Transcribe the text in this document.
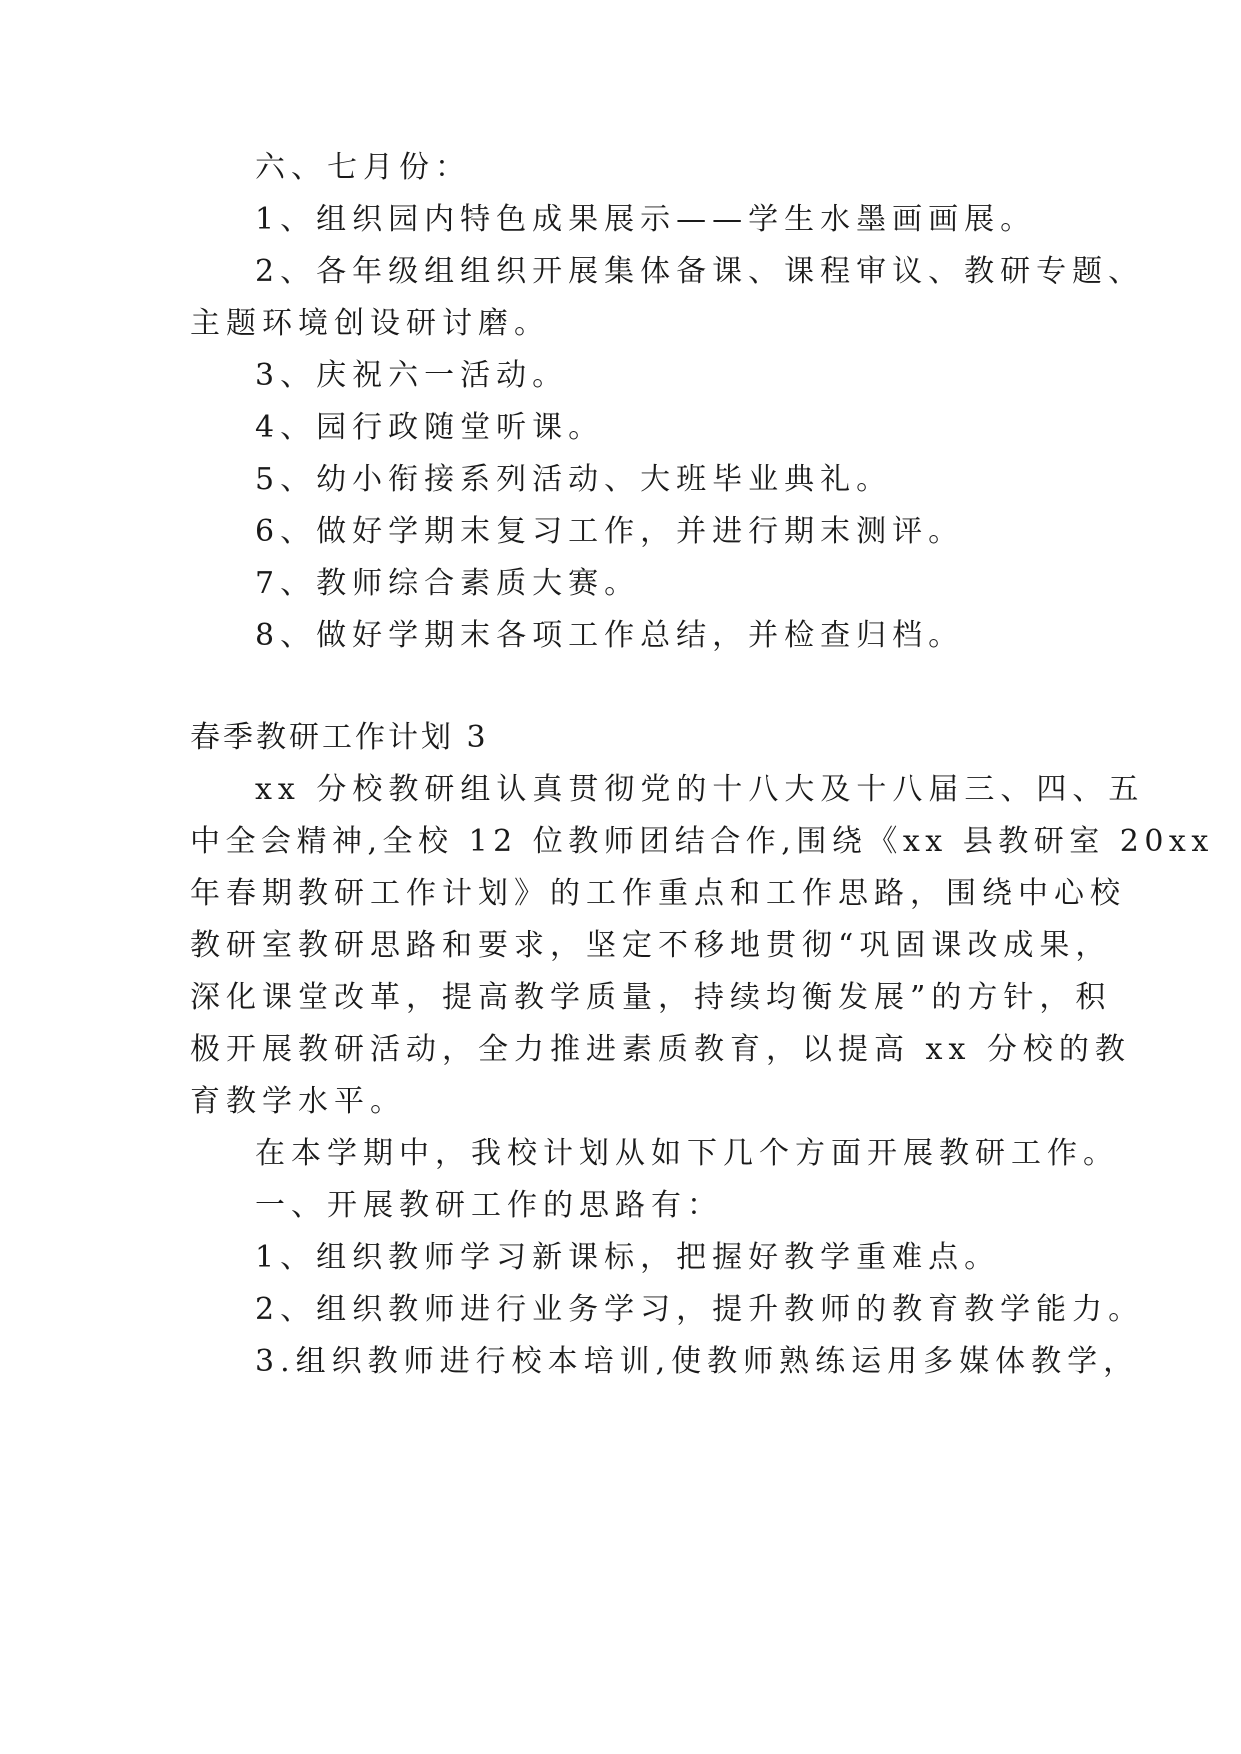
六、七月份：

1、组织园内特色成果展示——学生水墨画画展。

2、各年级组组织开展集体备课、课程审议、教研专题、

主题环境创设研讨磨。

3、庆祝六一活动。

4、园行政随堂听课。

5、幼小衔接系列活动、大班毕业典礼。

6、做好学期末复习工作，并进行期末测评。

7、教师综合素质大赛。

8、做好学期末各项工作总结，并检查归档。

春季教研工作计划 3

xx 分校教研组认真贯彻党的十八大及十八届三、四、五

中全会精神,全校 12 位教师团结合作,围绕《xx 县教研室 20xx

年春期教研工作计划》的工作重点和工作思路，围绕中心校

教研室教研思路和要求，坚定不移地贯彻“巩固课改成果，

深化课堂改革，提高教学质量，持续均衡发展”的方针，积

极开展教研活动，全力推进素质教育，以提高 xx 分校的教

育教学水平。

在本学期中，我校计划从如下几个方面开展教研工作。

一、开展教研工作的思路有：

1、组织教师学习新课标，把握好教学重难点。

2、组织教师进行业务学习，提升教师的教育教学能力。

3.组织教师进行校本培训,使教师熟练运用多媒体教学，
